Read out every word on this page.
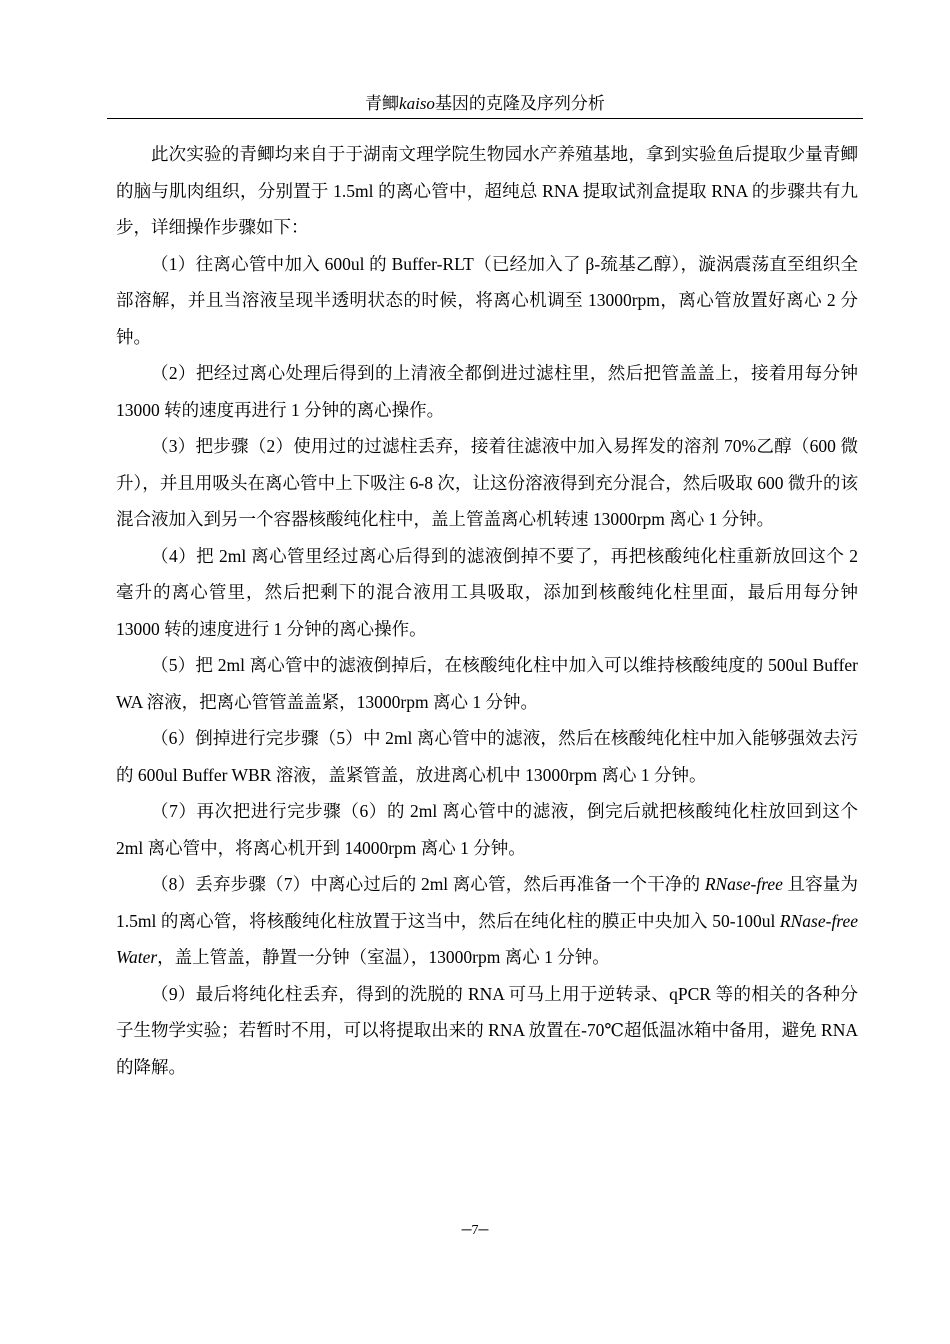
青鲫kaiso基因的克隆及序列分析

此次实验的青鲫均来自于于湖南文理学院生物园水产养殖基地，拿到实验鱼后提取少量青鲫的脑与肌肉组织，分别置于 1.5ml 的离心管中，超纯总 RNA 提取试剂盒提取 RNA 的步骤共有九步，详细操作步骤如下：

（1）往离心管中加入 600ul 的 Buffer-RLT（已经加入了 β-巯基乙醇），漩涡震荡直至组织全部溶解，并且当溶液呈现半透明状态的时候，将离心机调至 13000rpm，离心管放置好离心 2 分钟。

（2）把经过离心处理后得到的上清液全都倒进过滤柱里，然后把管盖盖上，接着用每分钟 13000 转的速度再进行 1 分钟的离心操作。

（3）把步骤（2）使用过的过滤柱丢弃，接着往滤液中加入易挥发的溶剂 70%乙醇（600 微升），并且用吸头在离心管中上下吸注 6-8 次，让这份溶液得到充分混合，然后吸取 600 微升的该混合液加入到另一个容器核酸纯化柱中，盖上管盖离心机转速 13000rpm 离心 1 分钟。

（4）把 2ml 离心管里经过离心后得到的滤液倒掉不要了，再把核酸纯化柱重新放回这个 2 毫升的离心管里，然后把剩下的混合液用工具吸取，添加到核酸纯化柱里面，最后用每分钟 13000 转的速度进行 1 分钟的离心操作。

（5）把 2ml 离心管中的滤液倒掉后，在核酸纯化柱中加入可以维持核酸纯度的 500ul Buffer WA 溶液，把离心管管盖盖紧，13000rpm 离心 1 分钟。

（6）倒掉进行完步骤（5）中 2ml 离心管中的滤液，然后在核酸纯化柱中加入能够强效去污的 600ul Buffer WBR 溶液，盖紧管盖，放进离心机中 13000rpm 离心 1 分钟。

（7）再次把进行完步骤（6）的 2ml 离心管中的滤液，倒完后就把核酸纯化柱放回到这个 2ml 离心管中，将离心机开到 14000rpm 离心 1 分钟。

（8）丢弃步骤（7）中离心过后的 2ml 离心管，然后再准备一个干净的 RNase-free 且容量为 1.5ml 的离心管，将核酸纯化柱放置于这当中，然后在纯化柱的膜正中央加入 50-100ul RNase-free Water，盖上管盖，静置一分钟（室温），13000rpm 离心 1 分钟。

（9）最后将纯化柱丢弃，得到的洗脱的 RNA 可马上用于逆转录、qPCR 等的相关的各种分子生物学实验；若暂时不用，可以将提取出来的 RNA 放置在-70℃超低温冰箱中备用，避免 RNA 的降解。

─7─
